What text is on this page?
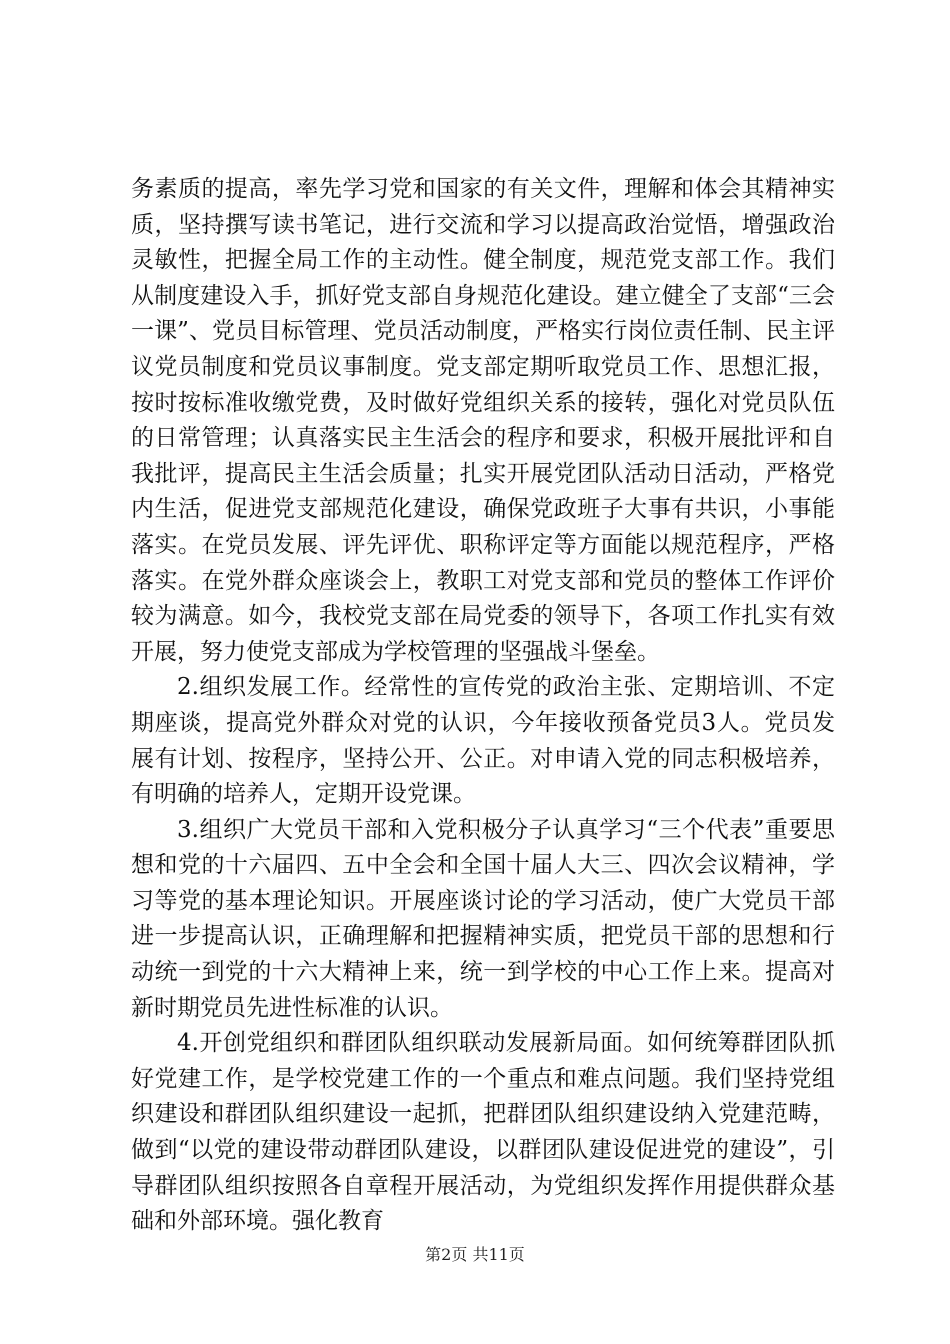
务素质的提高，率先学习党和国家的有关文件，理解和体会其精神实质，坚持撰写读书笔记，进行交流和学习以提高政治觉悟，增强政治灵敏性，把握全局工作的主动性。健全制度，规范党支部工作。我们从制度建设入手，抓好党支部自身规范化建设。建立健全了支部“三会一课”、党员目标管理、党员活动制度，严格实行岗位责任制、民主评议党员制度和党员议事制度。党支部定期听取党员工作、思想汇报，按时按标准收缴党费，及时做好党组织关系的接转，强化对党员队伍的日常管理；认真落实民主生活会的程序和要求，积极开展批评和自我批评，提高民主生活会质量；扎实开展党团队活动日活动，严格党内生活，促进党支部规范化建设，确保党政班子大事有共识，小事能落实。在党员发展、评先评优、职称评定等方面能以规范程序，严格落实。在党外群众座谈会上，教职工对党支部和党员的整体工作评价较为满意。如今，我校党支部在局党委的领导下，各项工作扎实有效开展，努力使党支部成为学校管理的坚强战斗堡垒。

2.组织发展工作。经常性的宣传党的政治主张、定期培训、不定期座谈，提高党外群众对党的认识，今年接收预备党员3人。党员发展有计划、按程序，坚持公开、公正。对申请入党的同志积极培养，有明确的培养人，定期开设党课。

3.组织广大党员干部和入党积极分子认真学习“三个代表”重要思想和党的十六届四、五中全会和全国十届人大三、四次会议精神，学习等党的基本理论知识。开展座谈讨论的学习活动，使广大党员干部进一步提高认识，正确理解和把握精神实质，把党员干部的思想和行动统一到党的十六大精神上来，统一到学校的中心工作上来。提高对新时期党员先进性标准的认识。

4.开创党组织和群团队组织联动发展新局面。如何统筹群团队抓好党建工作，是学校党建工作的一个重点和难点问题。我们坚持党组织建设和群团队组织建设一起抓，把群团队组织建设纳入党建范畴，做到“以党的建设带动群团队建设，以群团队建设促进党的建设”，引导群团队组织按照各自章程开展活动，为党组织发挥作用提供群众基础和外部环境。强化教育

第2页 共11页
